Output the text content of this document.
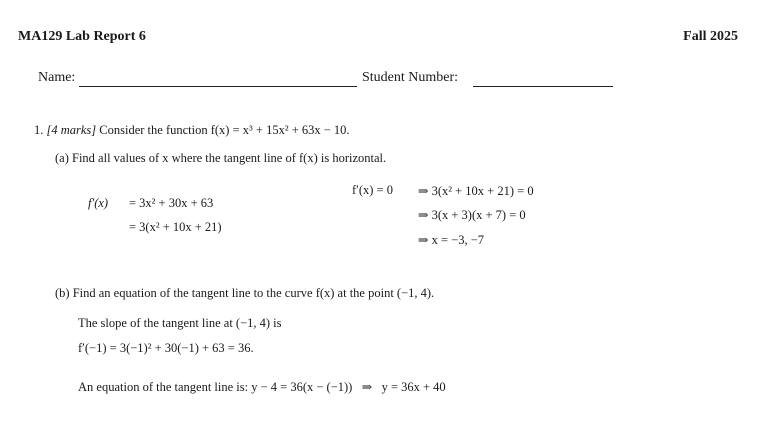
MA129 Lab Report 6	Fall 2025
Name:	Student Number:
1. [4 marks] Consider the function f(x) = x³ + 15x² + 63x − 10.
(a) Find all values of x where the tangent line of f(x) is horizontal.
f′(x) = 3x² + 30x + 63
= 3(x² + 10x + 21)
f′(x) = 0 ⇒ 3(x² + 10x + 21) = 0
⇒ 3(x + 3)(x + 7) = 0
⇒ x = −3, −7
(b) Find an equation of the tangent line to the curve f(x) at the point (−1, 4).
The slope of the tangent line at (−1, 4) is
f′(−1) = 3(−1)² + 30(−1) + 63 = 36.
An equation of the tangent line is: y − 4 = 36(x − (−1)) ⇒ y = 36x + 40
